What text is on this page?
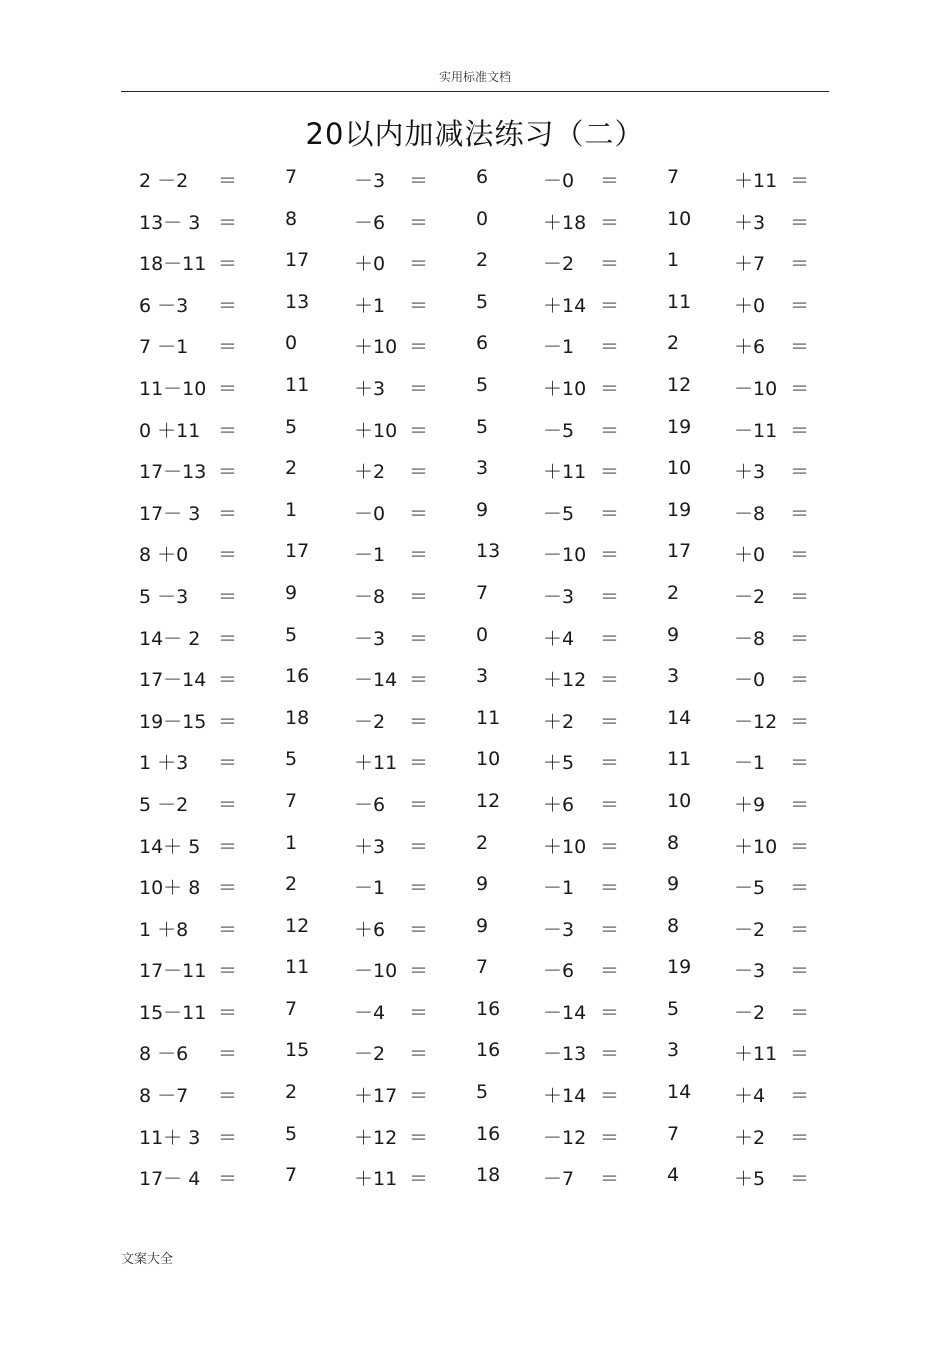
实用标准文档
20以内加减法练习（二）
2 －2 ＝	7	－3 ＝	6	－0 ＝	7	＋11 ＝
13－ 3 ＝	8	－6 ＝	0	＋18 ＝	10 ＋3 ＝
18－11 ＝	17 ＋0 ＝	2	－2 ＝	1	＋7 ＝
6 －3 ＝	13 ＋1 ＝	5	＋14 ＝	11 ＋0 ＝
7 －1 ＝	0	＋10 ＝	6	－1 ＝	2	＋6 ＝
11－10 ＝	11 ＋3 ＝	5	＋10 ＝	12 －10 ＝
0 ＋11 ＝	5	＋10 ＝	5	－5 ＝	19 －11 ＝
17－13 ＝	2	＋2 ＝	3	＋11 ＝	10 ＋3 ＝
17－ 3 ＝	1	－0 ＝	9	－5 ＝	19 －8 ＝
8 ＋0 ＝	17 －1 ＝	13 －10 ＝	17 ＋0 ＝
5 －3 ＝	9	－8 ＝	7	－3 ＝	2	－2 ＝
14－ 2 ＝	5	－3 ＝	0	＋4 ＝	9	－8 ＝
17－14 ＝	16 －14 ＝	3	＋12 ＝	3	－0 ＝
19－15 ＝	18 －2 ＝	11 ＋2 ＝	14 －12 ＝
1 ＋3 ＝	5	＋11 ＝	10 ＋5 ＝	11 －1 ＝
5 －2 ＝	7	－6 ＝	12 ＋6 ＝	10 ＋9 ＝
14＋ 5 ＝	1	＋3 ＝	2	＋10 ＝	8	＋10 ＝
10＋ 8 ＝	2	－1 ＝	9	－1 ＝	9	－5 ＝
1 ＋8 ＝	12 ＋6 ＝	9	－3 ＝	8	－2 ＝
17－11 ＝	11 －10 ＝	7	－6 ＝	19 －3 ＝
15－11 ＝	7	－4 ＝	16 －14 ＝	5	－2 ＝
8 －6 ＝	15 －2 ＝	16 －13 ＝	3	＋11 ＝
8 －7 ＝	2	＋17 ＝	5	＋14 ＝	14 ＋4 ＝
11＋ 3 ＝	5	＋12 ＝	16 －12 ＝	7	＋2 ＝
17－ 4 ＝	7	＋11 ＝	18 －7 ＝	4	＋5 ＝
文案大全
